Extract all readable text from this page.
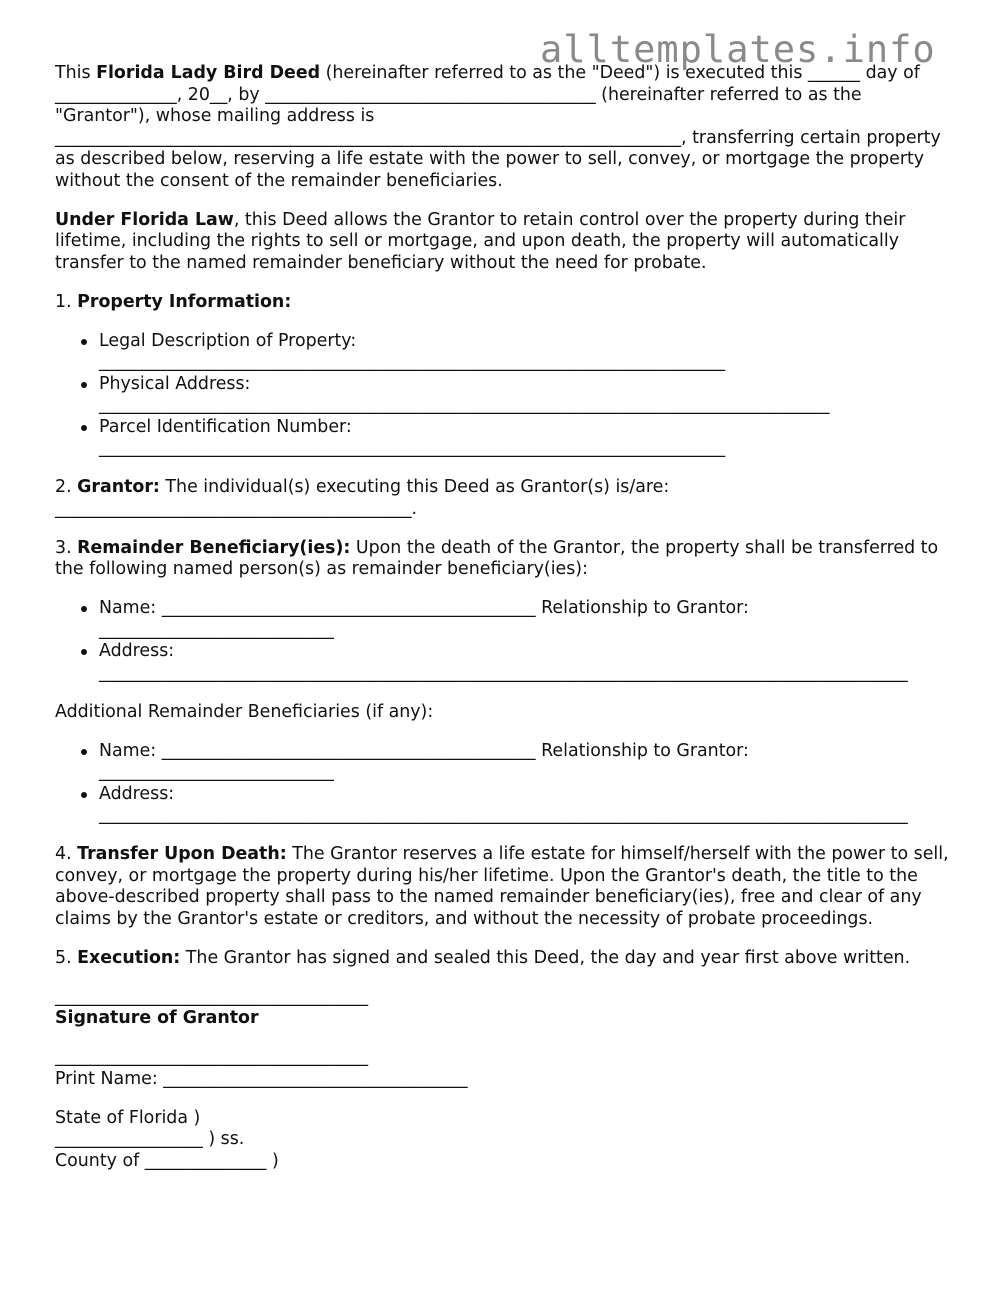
alltemplates.info

This Florida Lady Bird Deed (hereinafter referred to as the "Deed") is executed this ______ day of ______________, 20__, by ______________________________________ (hereinafter referred to as the "Grantor"), whose mailing address is ________________________________________________________________________, transferring certain property as described below, reserving a life estate with the power to sell, convey, or mortgage the property without the consent of the remainder beneficiaries.

Under Florida Law, this Deed allows the Grantor to retain control over the property during their lifetime, including the rights to sell or mortgage, and upon death, the property will automatically transfer to the named remainder beneficiary without the need for probate.

1. Property Information:

Legal Description of Property: ________________________________________________________________________
Physical Address: ____________________________________________________________________________________
Parcel Identification Number: ________________________________________________________________________

2. Grantor: The individual(s) executing this Deed as Grantor(s) is/are: _________________________________________.

3. Remainder Beneficiary(ies): Upon the death of the Grantor, the property shall be transferred to the following named person(s) as remainder beneficiary(ies):

Name: ___________________________________________ Relationship to Grantor: ___________________________
Address: _____________________________________________________________________________________________

Additional Remainder Beneficiaries (if any):

Name: ___________________________________________ Relationship to Grantor: ___________________________
Address: _____________________________________________________________________________________________

4. Transfer Upon Death: The Grantor reserves a life estate for himself/herself with the power to sell, convey, or mortgage the property during his/her lifetime. Upon the Grantor's death, the title to the above-described property shall pass to the named remainder beneficiary(ies), free and clear of any claims by the Grantor's estate or creditors, and without the necessity of probate proceedings.

5. Execution: The Grantor has signed and sealed this Deed, the day and year first above written.

____________________________________

Signature of Grantor

____________________________________
Print Name: ___________________________________

State of Florida )

_________________ ) ss.

County of ______________ )
